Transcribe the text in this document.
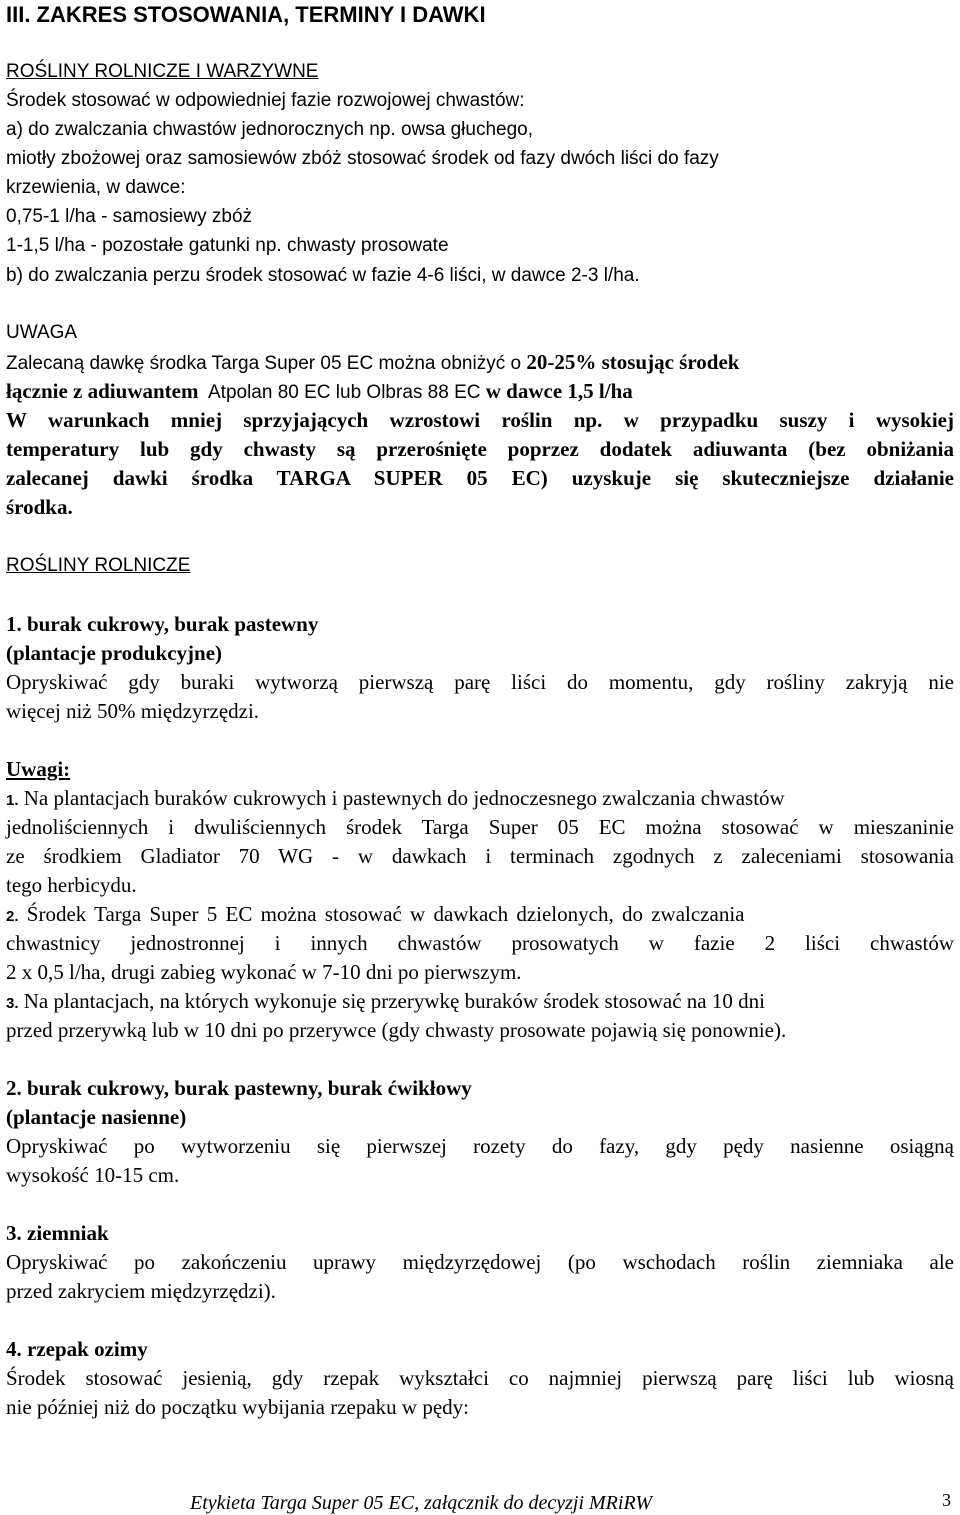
III. ZAKRES STOSOWANIA, TERMINY I DAWKI
ROŚLINY ROLNICZE I WARZYWNE
Środek stosować w odpowiedniej fazie rozwojowej chwastów:
a) do zwalczania chwastów jednorocznych np. owsa głuchego,
miotły zbożowej oraz samosiewów zbóż stosować środek od fazy dwóch liści do fazy
krzewienia, w dawce:
0,75-1 l/ha - samosiewy zbóż
1-1,5 l/ha - pozostałe gatunki np. chwasty prosowate
b) do zwalczania perzu środek stosować w fazie 4-6 liści, w dawce 2-3 l/ha.
UWAGA
Zalecaną dawkę środka Targa Super 05 EC można obniżyć o 20-25% stosując środek
łącznie z adiuwantem  Atpolan 80 EC lub Olbras 88 EC w dawce 1,5 l/ha
W warunkach mniej sprzyjających wzrostowi roślin np. w przypadku suszy i wysokiej
temperatury lub gdy chwasty są przerośnięte poprzez dodatek adiuwanta (bez obniżania
zalecanej dawki środka TARGA SUPER 05 EC) uzyskuje się skuteczniejsze działanie
środka.
ROŚLINY ROLNICZE
1. burak cukrowy, burak pastewny
(plantacje produkcyjne)
Opryskiwać gdy buraki wytworzą pierwszą parę liści do momentu, gdy rośliny zakryją nie
więcej niż 50% międzyrzędzi.
Uwagi:
1. Na plantacjach buraków cukrowych i pastewnych do jednoczesnego zwalczania chwastów
jednoliściennych i dwuliściennych środek Targa Super 05 EC można stosować w mieszaninie
ze środkiem Gladiator 70 WG - w dawkach i terminach zgodnych z zaleceniami stosowania
tego herbicydu.
2. Środek Targa Super 5 EC można stosować w dawkach dzielonych, do zwalczania
chwastnicy jednostronnej i innych chwastów prosowatych w fazie 2 liści chwastów
2 x 0,5 l/ha, drugi zabieg wykonać w 7-10 dni po pierwszym.
3. Na plantacjach, na których wykonuje się przerywkę buraków środek stosować na 10 dni
przed przerywką lub w 10 dni po przerywce (gdy chwasty prosowate pojawią się ponownie).
2. burak cukrowy, burak pastewny, burak ćwikłowy
(plantacje nasienne)
Opryskiwać po wytworzeniu się pierwszej rozety do fazy, gdy pędy nasienne osiągną
wysokość 10-15 cm.
3. ziemniak
Opryskiwać po zakończeniu uprawy międzyrzędowej (po wschodach roślin ziemniaka ale
przed zakryciem międzyrzędzi).
4. rzepak ozimy
Środek stosować jesienią, gdy rzepak wykształci co najmniej pierwszą parę liści lub wiosną
nie później niż do początku wybijania rzepaku w pędy:
Etykieta Targa Super 05 EC, załącznik do decyzji MRiRW	3
